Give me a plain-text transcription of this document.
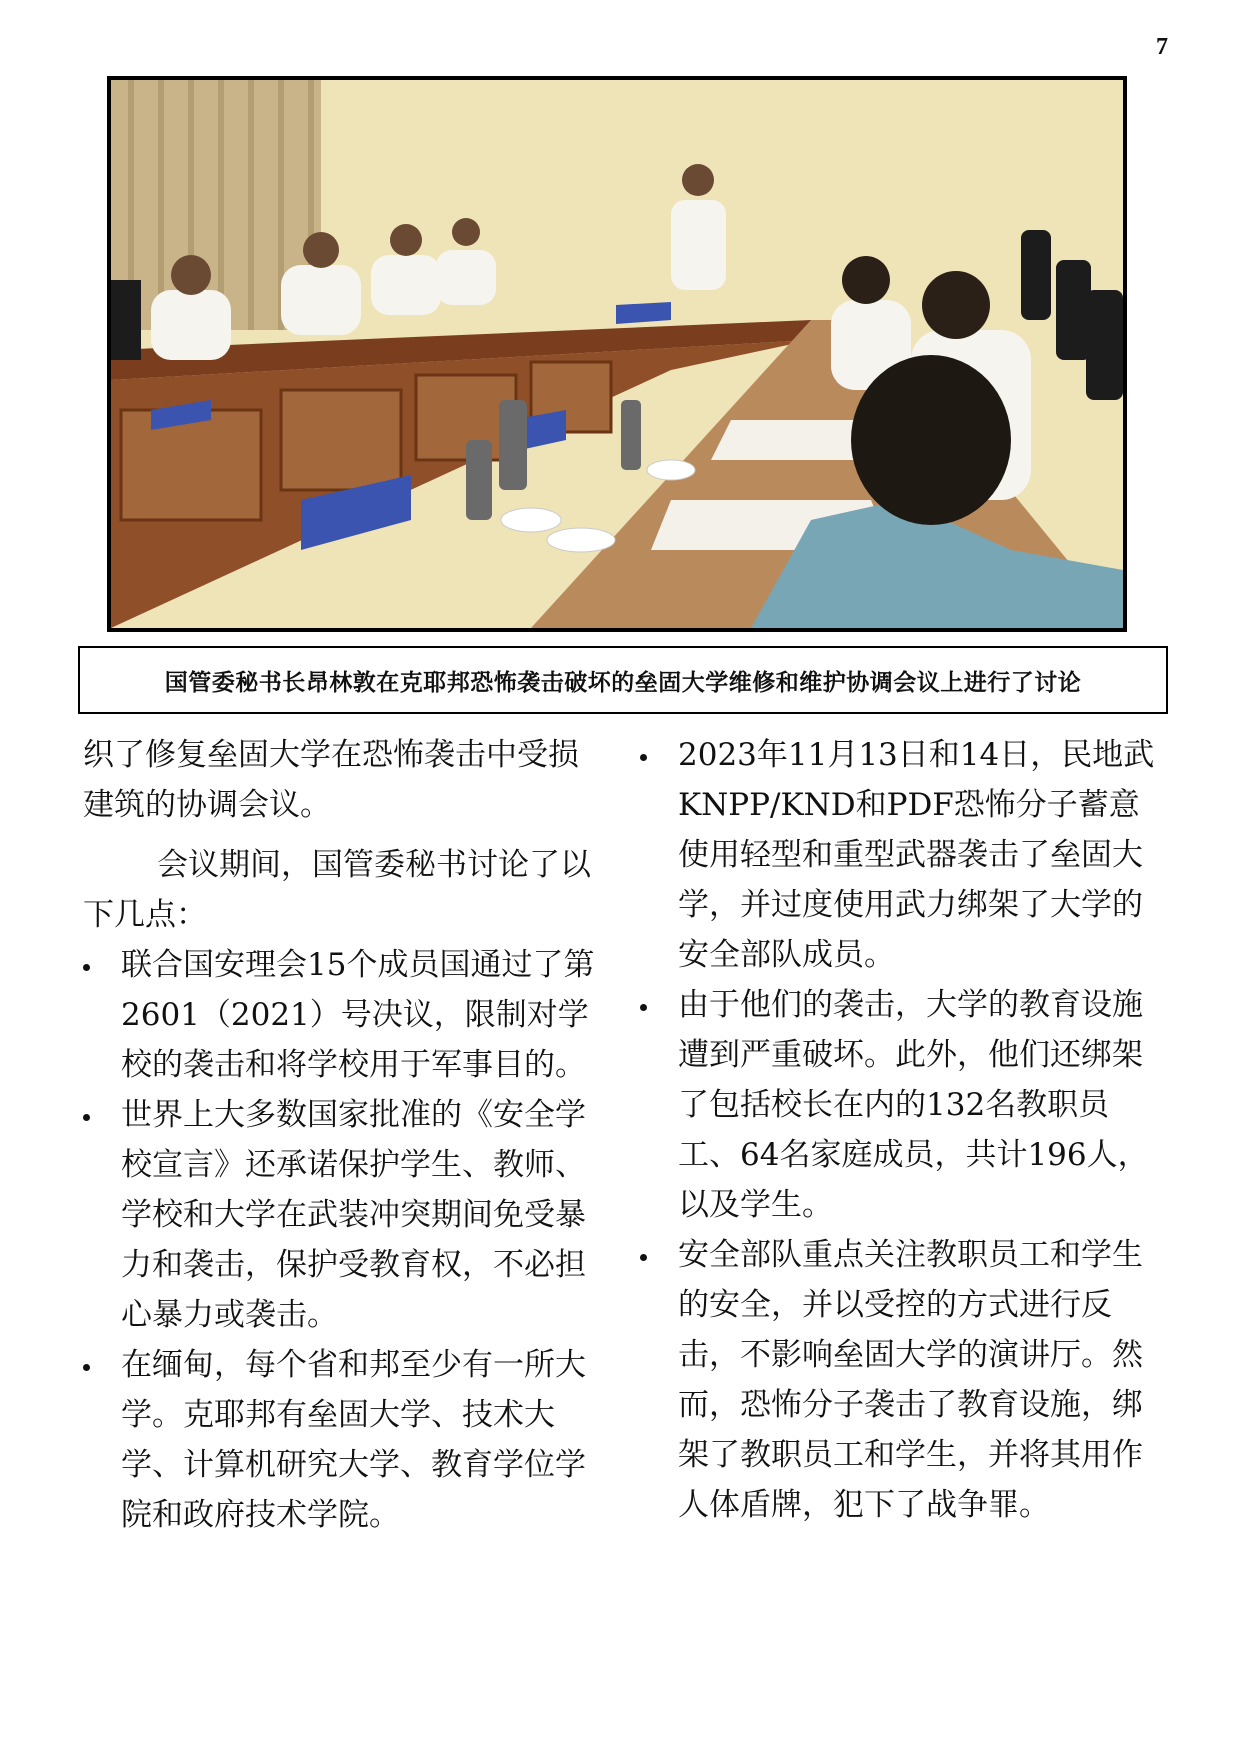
7
国管委秘书长昂林敦在克耶邦恐怖袭击破坏的垒固大学维修和维护协调会议上进行了讨论

织了修复垒固大学在恐怖袭击中受损建筑的协调会议。

会议期间，国管委秘书讨论了以下几点：

联合国安理会15个成员国通过了第2601（2021）号决议，限制对学校的袭击和将学校用于军事目的。
世界上大多数国家批准的《安全学校宣言》还承诺保护学生、教师、学校和大学在武装冲突期间免受暴力和袭击，保护受教育权，不必担心暴力或袭击。
在缅甸，每个省和邦至少有一所大学。克耶邦有垒固大学、技术大学、计算机研究大学、教育学位学院和政府技术学院。
2023年11月13日和14日，民地武KNPP/KND和PDF恐怖分子蓄意使用轻型和重型武器袭击了垒固大学，并过度使用武力绑架了大学的安全部队成员。
由于他们的袭击，大学的教育设施遭到严重破坏。此外，他们还绑架了包括校长在内的132名教职员工、64名家庭成员，共计196人，以及学生。
安全部队重点关注教职员工和学生的安全，并以受控的方式进行反击，不影响垒固大学的演讲厅。然而，恐怖分子袭击了教育设施，绑架了教职员工和学生，并将其用作人体盾牌，犯下了战争罪。
